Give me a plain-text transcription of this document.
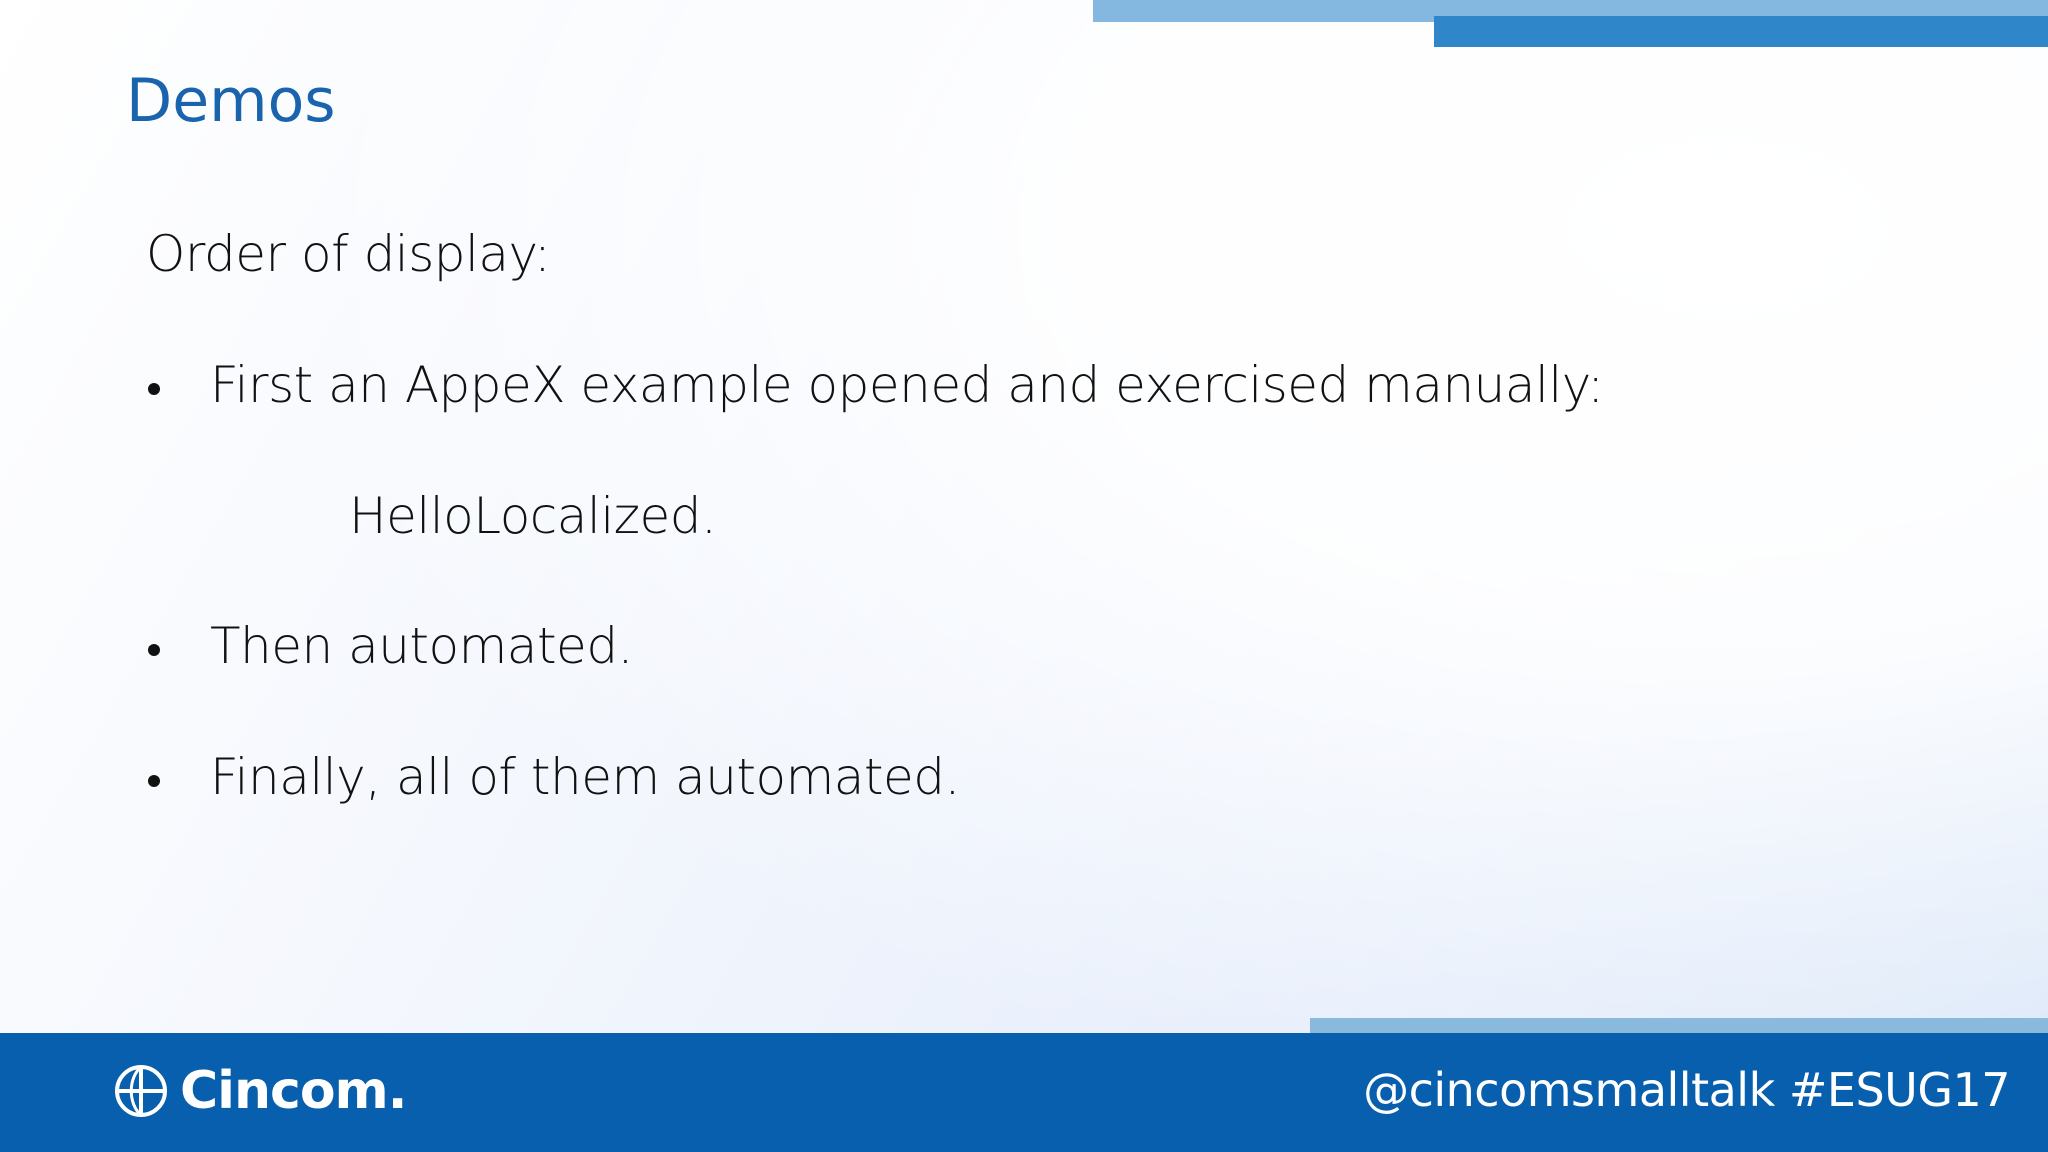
Demos
Order of display:
First an AppeX example opened and exercised manually:
HelloLocalized.
Then automated.
Finally, all of them automated.
Cincom .	@cincomsmalltalk #ESUG17
